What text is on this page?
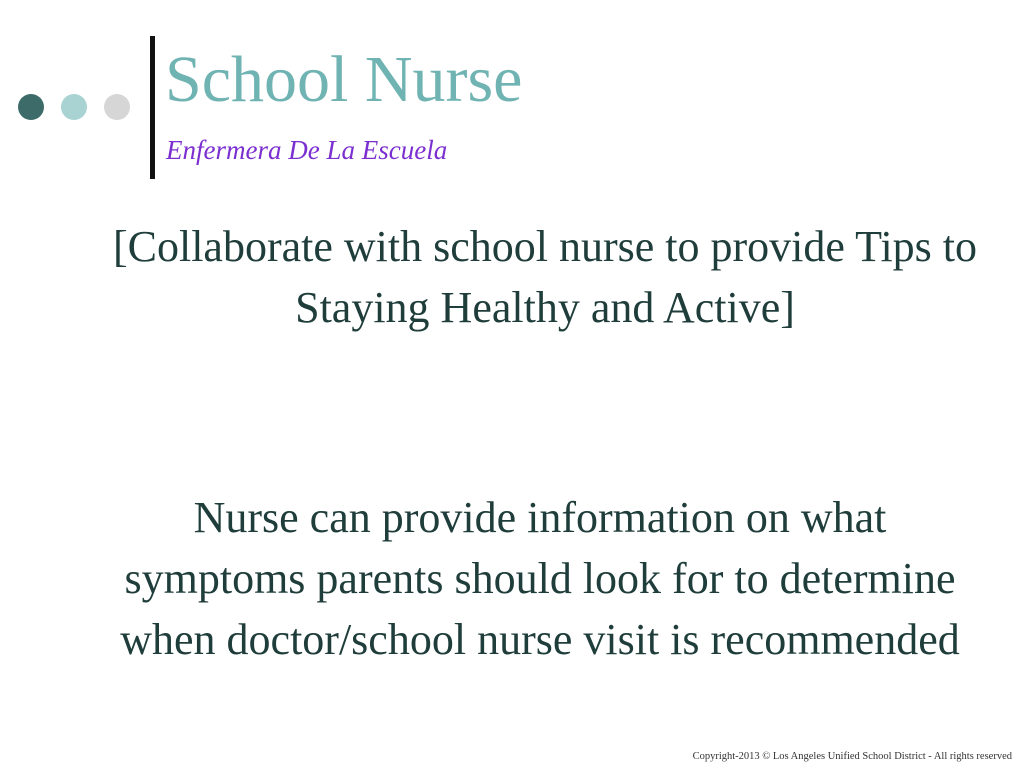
School Nurse

Enfermera De La Escuela

[Collaborate with school nurse to provide Tips to Staying Healthy and Active]

Nurse can provide information on what symptoms parents should look for to determine when doctor/school nurse visit is recommended

Copyright-2013 © Los Angeles Unified School District - All rights reserved
